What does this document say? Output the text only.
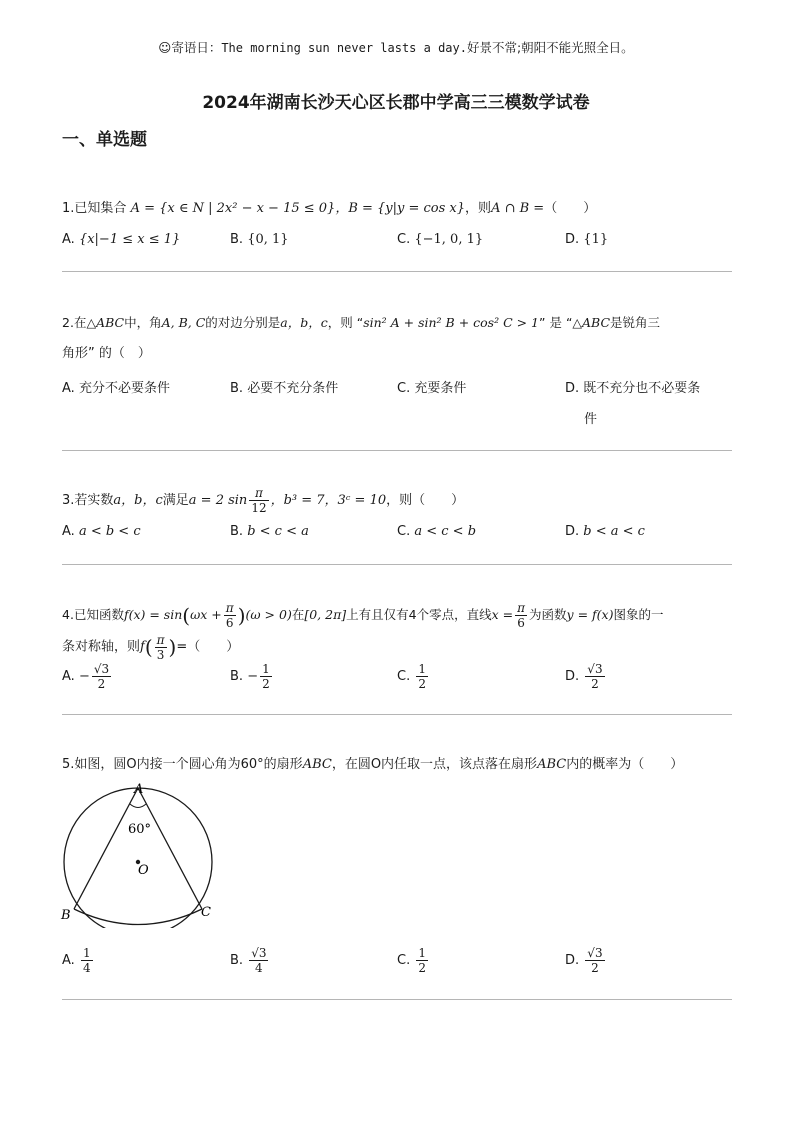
☺寄语日：The morning sun never lasts a day.好景不常;朝阳不能光照全日。
2024年湖南长沙天心区长郡中学高三三模数学试卷
一、单选题
1.已知集合 A = {x ∈ N | 2x² − x − 15 ≤ 0}，B = {y|y = cos x}，则A ∩ B =（　　）
A. {x|−1 ≤ x ≤ 1}	B. {0, 1}	C. {−1, 0, 1}	D. {1}
2.在△ABC中，角A, B, C的对边分别是a，b，c，则 “sin² A + sin² B + cos² C > 1” 是 “△ABC是锐角三
角形” 的（　）
A. 充分不必要条件	B. 必要不充分条件	C. 充要条件	D. 既不充分也不必要条
件
3.若实数a，b，c满足a = 2 $\sin \frac{\pi}{12}$ ，b³ = 7，3ᶜ = 10，则（　　）
A. a < b < c	B. b < c < a	C. a < c < b	D. b < a < c
4.已知函数$f(x) = \sin(\omega x + \frac{\pi}{6} )(\omega > 0)$在[0, 2π]上有且仅有4个零点，直线$x = \frac{\pi}{6}$ 为函数y = f(x)图象的一
条对称轴，则$f( \frac{\pi}{3}$ )=（　　）
A. − $\frac{√3}{2}$	B. − $\frac{1}{2}$	C. $\frac{1}{2}$	D. $\frac{√3}{2}$
5.如图，圆O内接一个圆心角为60°的扇形ABC，在圆O内任取一点，该点落在扇形ABC内的概率为（　　）
A
B	C
O
60°
A. $\frac{1}{4}$	B. $\frac{√3}{4}$	C. $\frac{1}{2}$	D. $\frac{√3}{2}$
